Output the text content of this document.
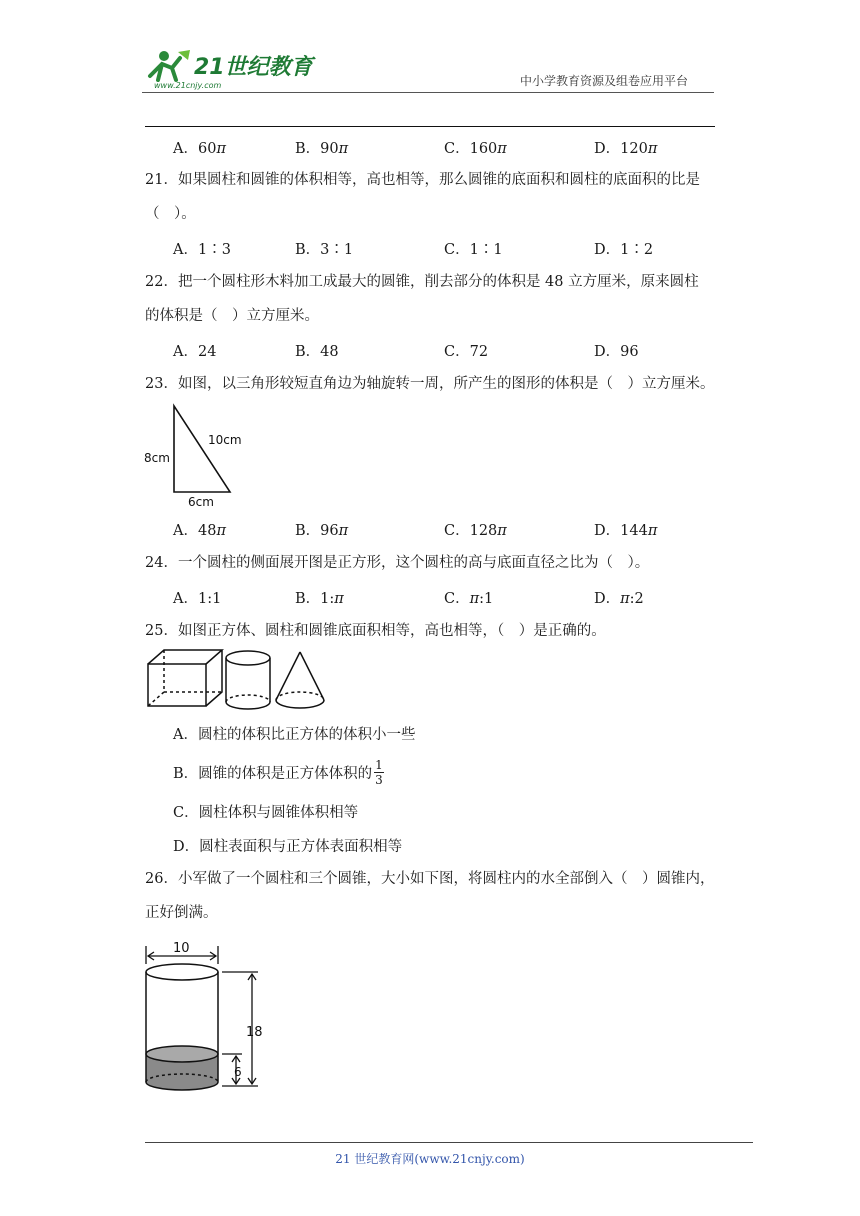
21世纪教育
www.21cnjy.com	中小学教育资源及组卷应用平台
A．60π	B．90π	C．160π	D．120π
21．如果圆柱和圆锥的体积相等，高也相等，那么圆锥的底面积和圆柱的底面积的比是
（　）。
A．1∶3	B．3∶1	C．1∶1	D．1∶2
22．把一个圆柱形木料加工成最大的圆锥，削去部分的体积是 48 立方厘米，原来圆柱
的体积是（　）立方厘米。
A．24	B．48	C．72	D．96
23．如图，以三角形较短直角边为轴旋转一周，所产生的图形的体积是（　）立方厘米。
10cm
8cm
6cm
A．48π	B．96π	C．128π	D．144π
24．一个圆柱的侧面展开图是正方形，这个圆柱的高与底面直径之比为（　）。
A．1:1	B．1:π	C．π:1	D．π:2
25．如图正方体、圆柱和圆锥底面积相等，高也相等，（　）是正确的。
A．圆柱的体积比正方体的体积小一些
B．圆锥的体积是正方体体积的 $\frac{1}{3}$
C．圆柱体积与圆锥体积相等
D．圆柱表面积与正方体表面积相等
26．小军做了一个圆柱和三个圆锥，大小如下图，将圆柱内的水全部倒入（　）圆锥内，
正好倒满。
10
18
6
21 世纪教育网(www.21cnjy.com)
